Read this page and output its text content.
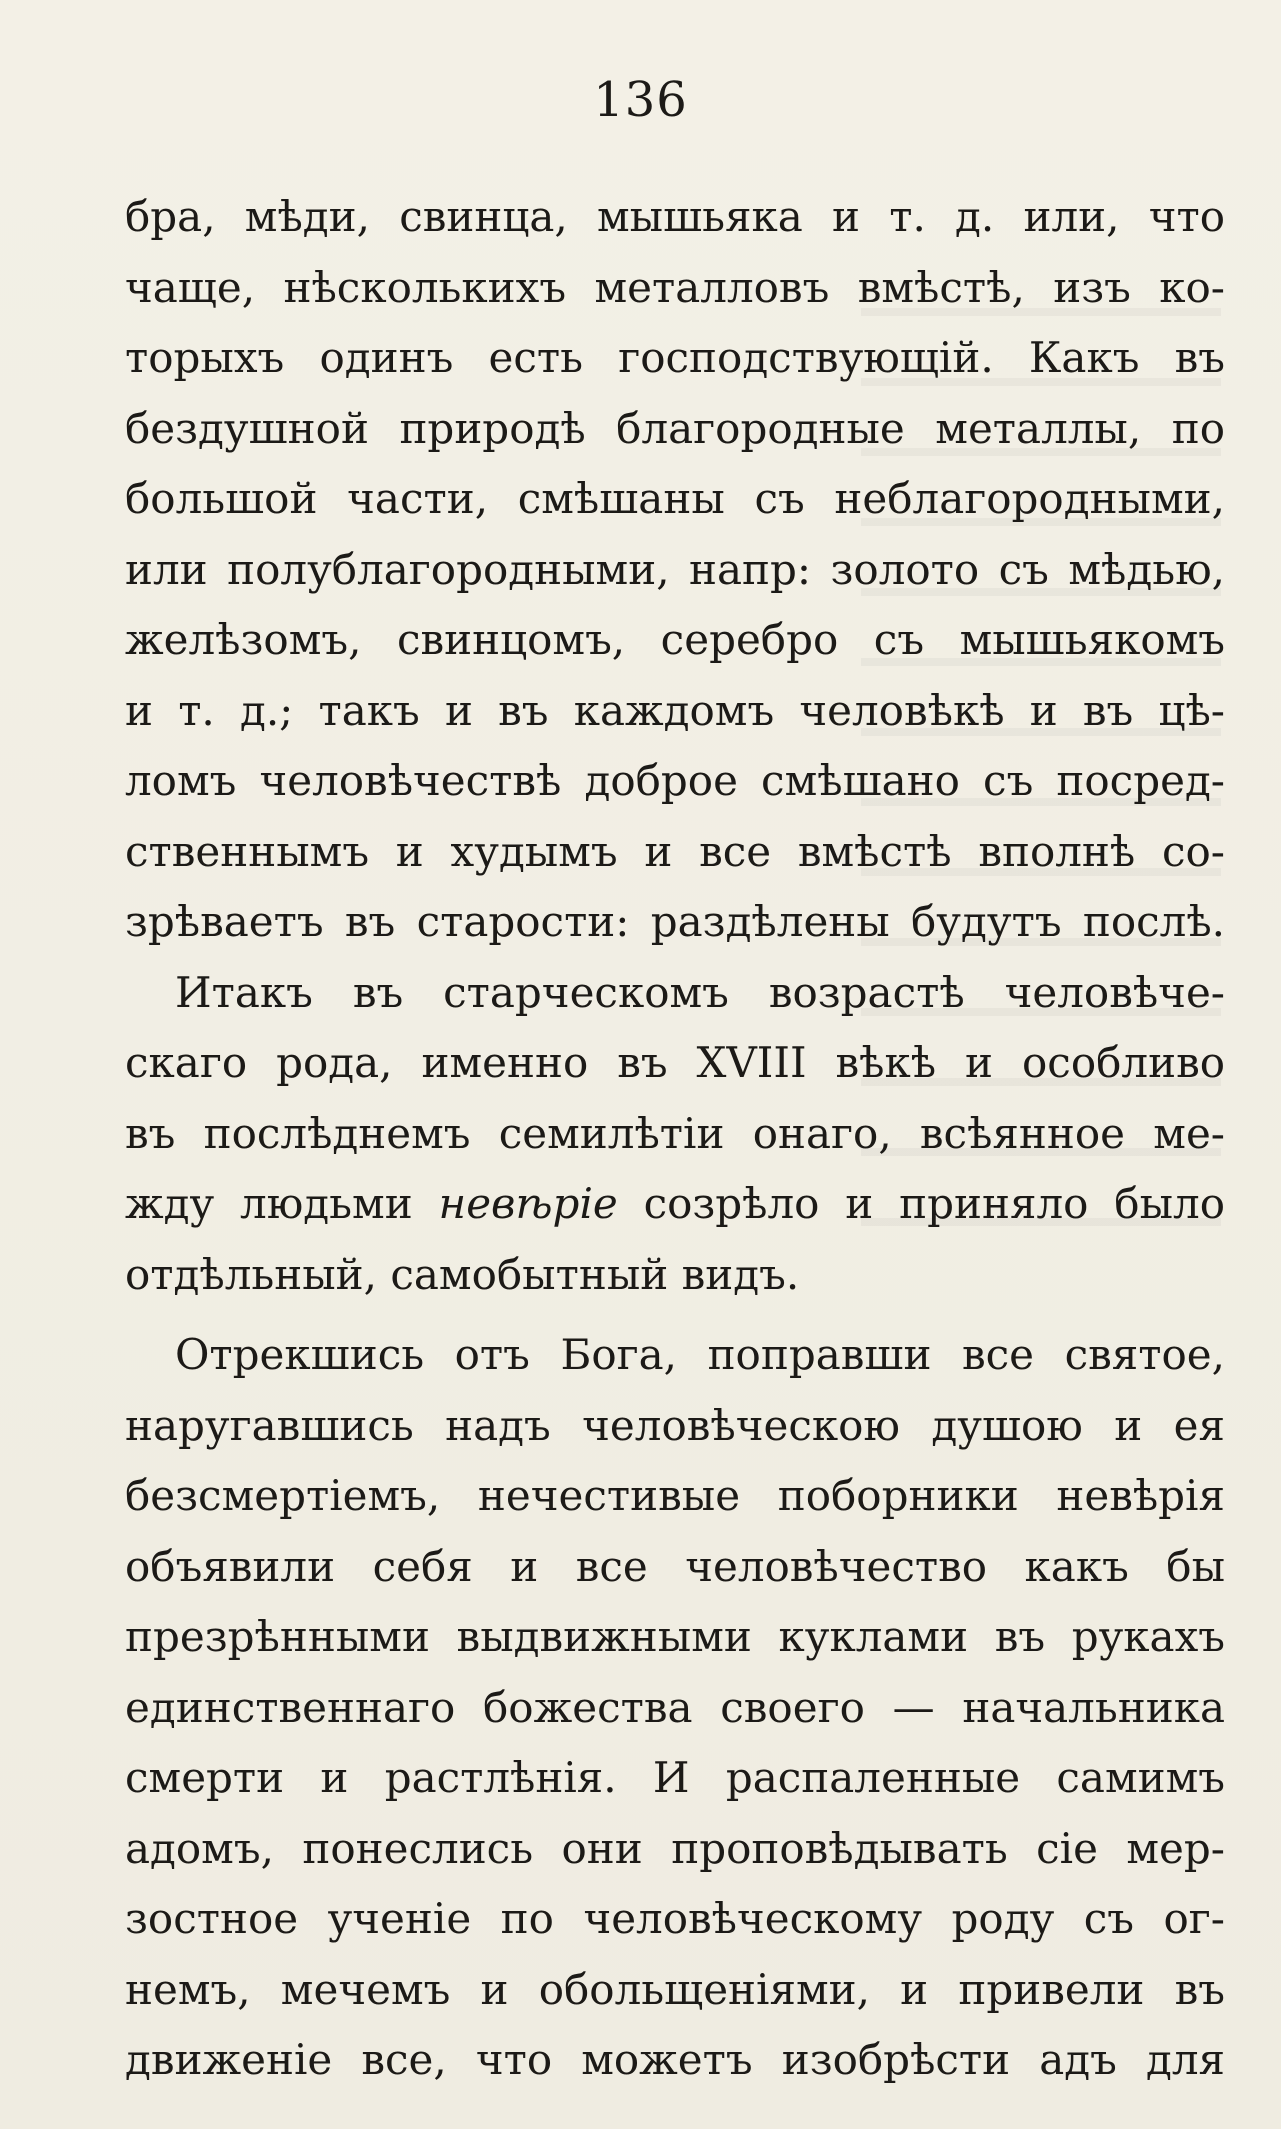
136
бра, мѣди, свинца, мышьяка и т. д. или, что
чаще, нѣсколькихъ металловъ вмѣстѣ, изъ ко-
торыхъ одинъ есть господствующій. Какъ въ
бездушной природѣ благородные металлы, по
большой части, смѣшаны съ неблагородными,
или полублагородными, напр: золото съ мѣдью,
желѣзомъ, свинцомъ, серебро съ мышьякомъ
и т. д.; такъ и въ каждомъ человѣкѣ и въ цѣ-
ломъ человѣчествѣ доброе смѣшано съ посред-
ственнымъ и худымъ и все вмѣстѣ вполнѣ со-
зрѣваетъ въ старости: раздѣлены будутъ послѣ.
Итакъ въ старческомъ возрастѣ человѣче-
скаго рода, именно въ XVIII вѣкѣ и особливо
въ послѣднемъ семилѣтіи онаго, всѣянное ме-
жду людьми невѣріе созрѣло и приняло было
отдѣльный, самобытный видъ.
Отрекшись отъ Бога, поправши все святое,
наругавшись надъ человѣческою душою и ея
безсмертіемъ, нечестивые поборники невѣрія
объявили себя и все человѣчество какъ бы
презрѣнными выдвижными куклами въ рукахъ
единственнаго божества своего — начальника
смерти и растлѣнія. И распаленные самимъ
адомъ, понеслись они проповѣдывать сіе мер-
зостное ученіе по человѣческому роду съ ог-
немъ, мечемъ и обольщеніями, и привели въ
движеніе все, что можетъ изобрѣсти адъ для
